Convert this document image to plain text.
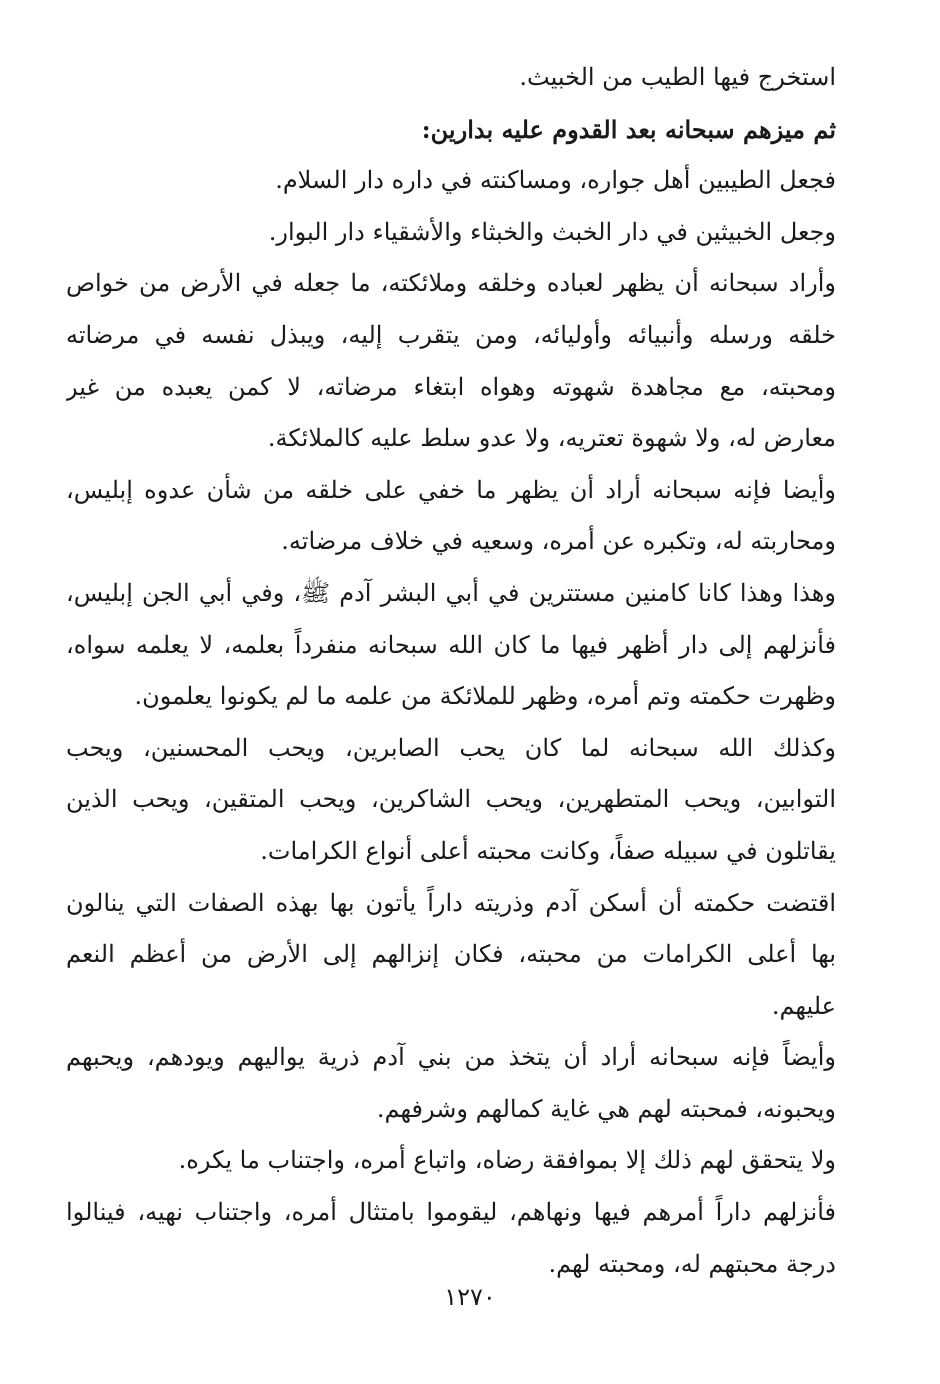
استخرج فيها الطيب من الخبيث.
ثم ميزهم سبحانه بعد القدوم عليه بدارين:
فجعل الطيبين أهل جواره، ومساكنته في داره دار السلام.
وجعل الخبيثين في دار الخبث والخبثاء والأشقياء دار البوار.
وأراد سبحانه أن يظهر لعباده وخلقه وملائكته، ما جعله في الأرض من خواص
خلقه ورسله وأنبيائه وأوليائه، ومن يتقرب إليه، ويبذل نفسه في مرضاته
ومحبته، مع مجاهدة شهوته وهواه ابتغاء مرضاته، لا كمن يعبده من غير
معارض له، ولا شهوة تعتريه، ولا عدو سلط عليه كالملائكة.
وأيضا فإنه سبحانه أراد أن يظهر ما خفي على خلقه من شأن عدوه إبليس،
ومحاربته له، وتكبره عن أمره، وسعيه في خلاف مرضاته.
وهذا وهذا كانا كامنين مستترين في أبي البشر آدم ﷺ، وفي أبي الجن إبليس،
فأنزلهم إلى دار أظهر فيها ما كان الله سبحانه منفرداً بعلمه، لا يعلمه سواه،
وظهرت حكمته وتم أمره، وظهر للملائكة من علمه ما لم يكونوا يعلمون.
وكذلك الله سبحانه لما كان يحب الصابرين، ويحب المحسنين، ويحب
التوابين، ويحب المتطهرين، ويحب الشاكرين، ويحب المتقين، ويحب الذين
يقاتلون في سبيله صفاً، وكانت محبته أعلى أنواع الكرامات.
اقتضت حكمته أن أسكن آدم وذريته داراً يأتون بها بهذه الصفات التي ينالون
بها أعلى الكرامات من محبته، فكان إنزالهم إلى الأرض من أعظم النعم
عليهم.
وأيضاً فإنه سبحانه أراد أن يتخذ من بني آدم ذرية يواليهم ويودهم، ويحبهم
ويحبونه، فمحبته لهم هي غاية كمالهم وشرفهم.
ولا يتحقق لهم ذلك إلا بموافقة رضاه، واتباع أمره، واجتناب ما يكره.
فأنزلهم داراً أمرهم فيها ونهاهم، ليقوموا بامتثال أمره، واجتناب نهيه، فينالوا
درجة محبتهم له، ومحبته لهم.
١٢٧٠
